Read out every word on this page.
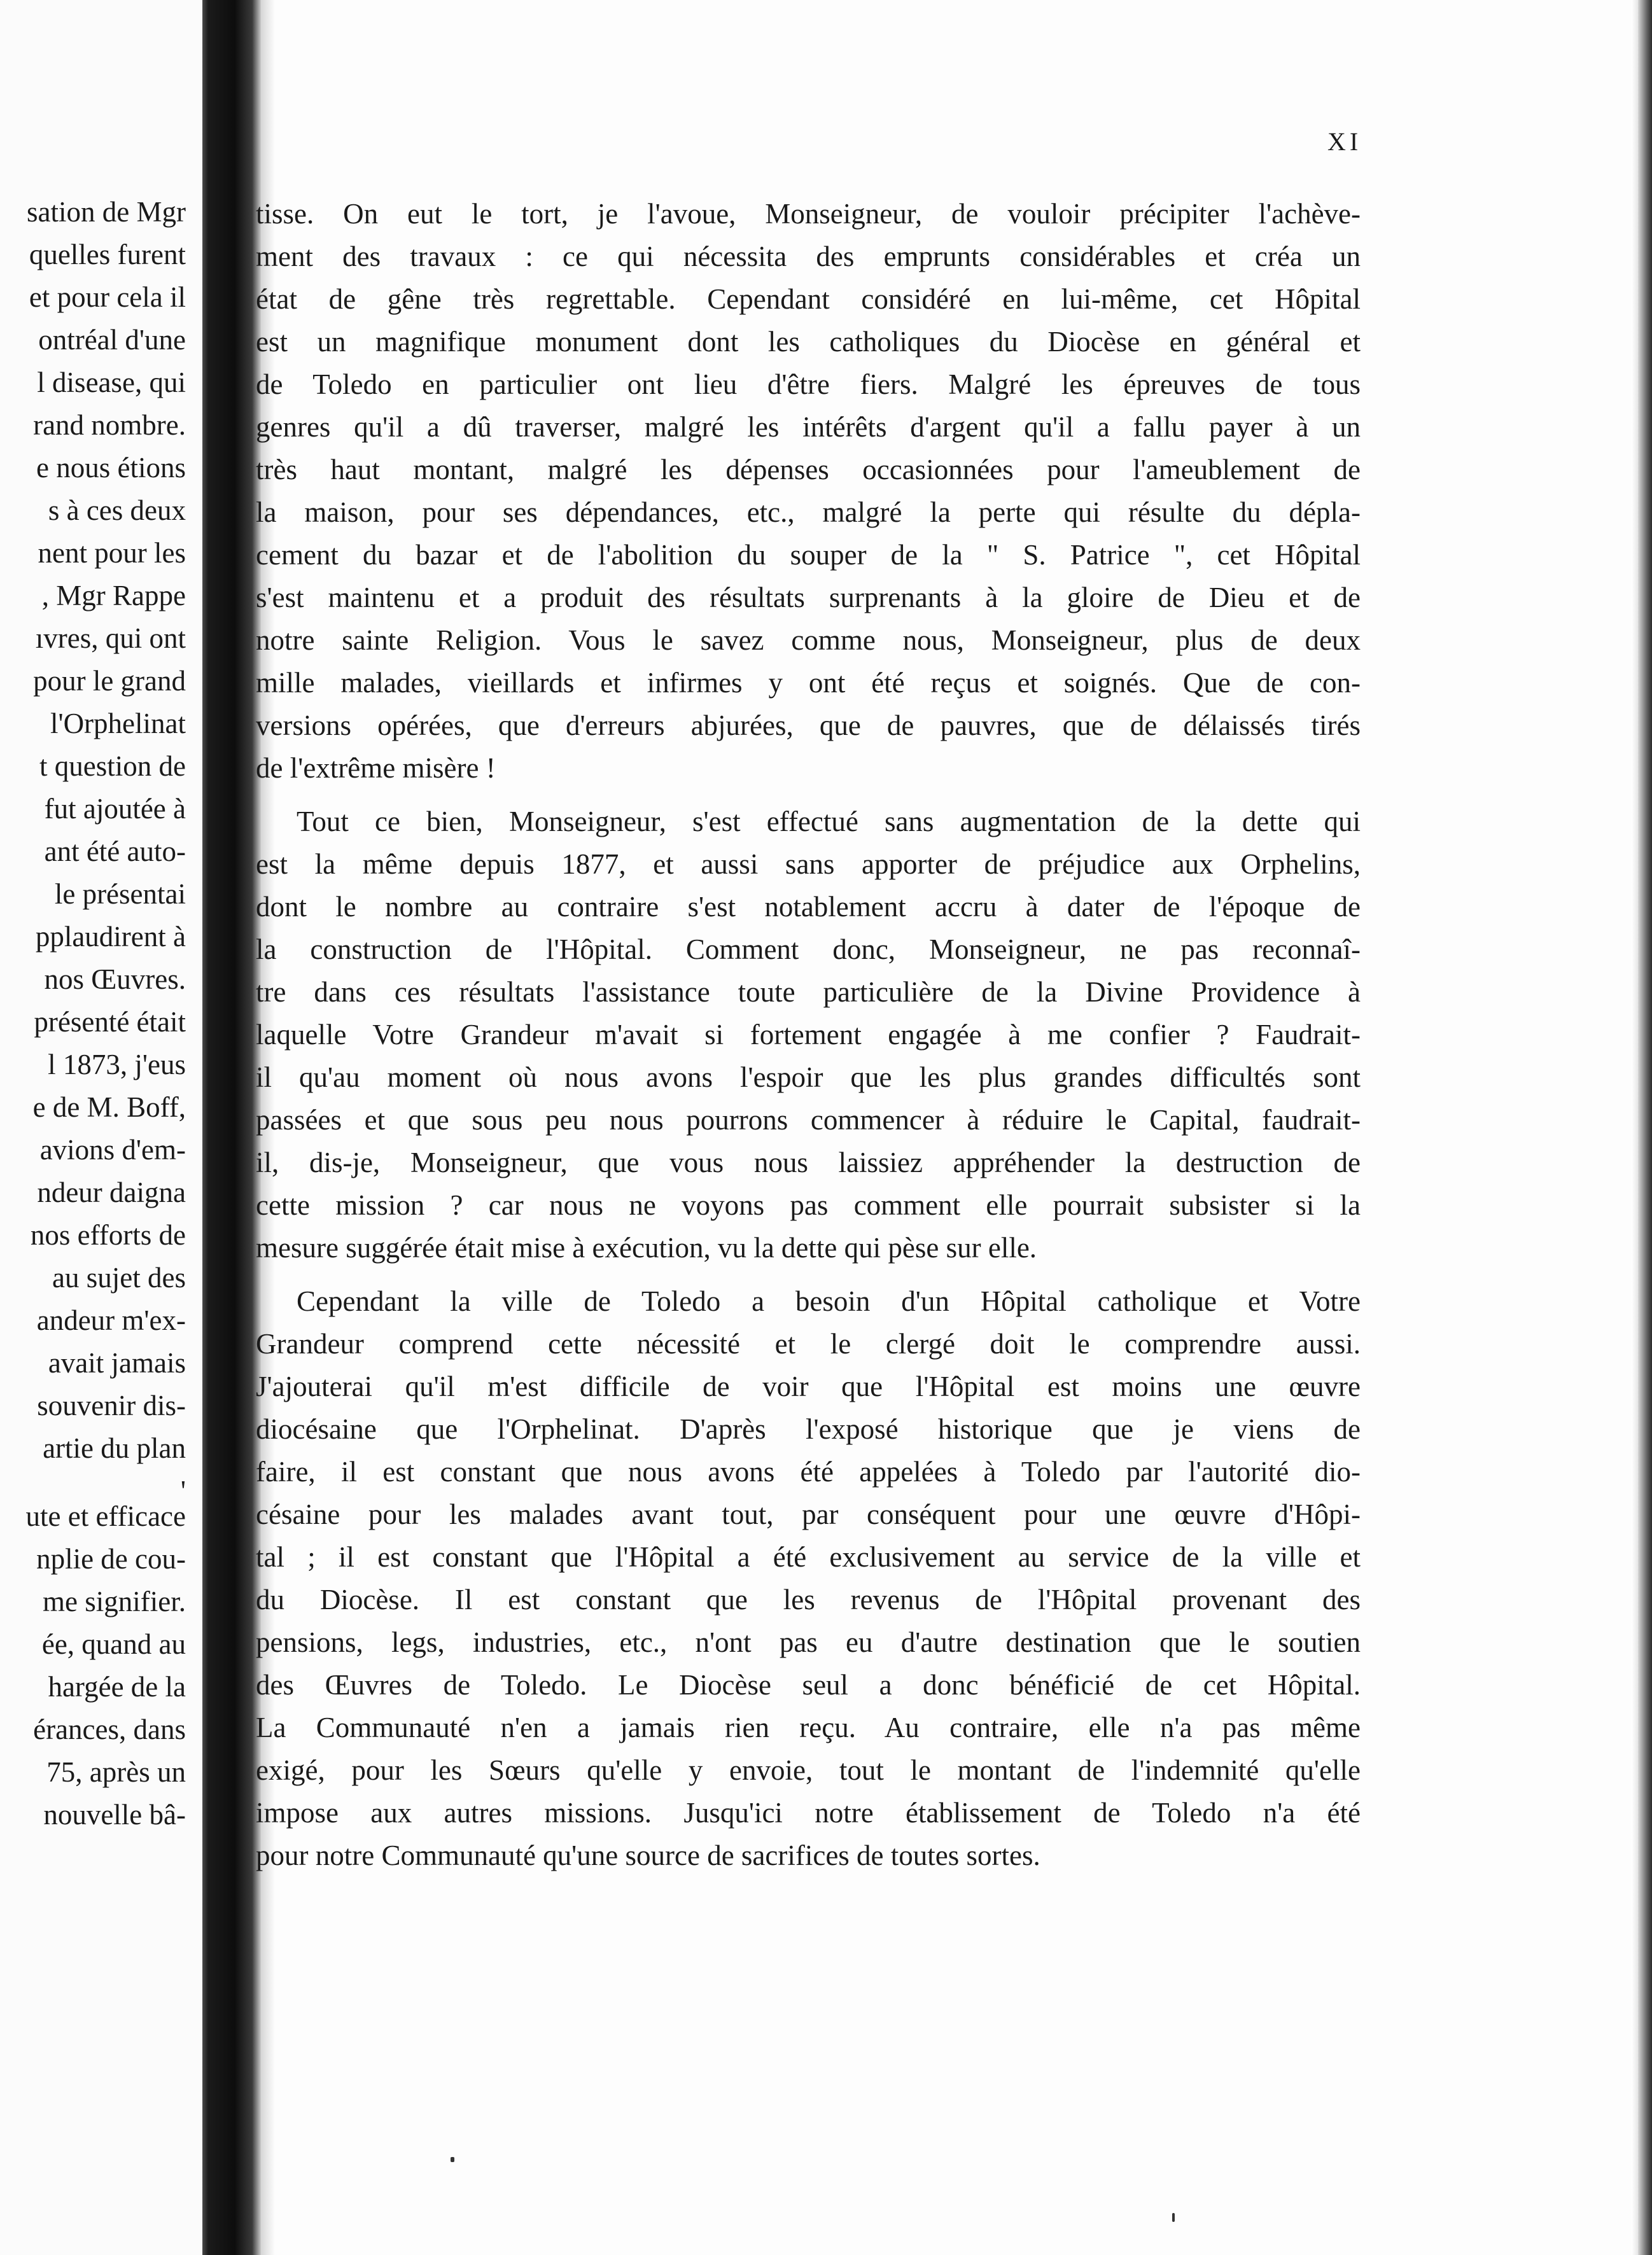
sation de Mgr
quelles furent
et pour cela il
ontréal d'une
l disease, qui
rand nombre.
e nous étions
s à ces deux
nent pour les
, Mgr Rappe
ıvres, qui ont
pour le grand
l'Orphelinat
t question de
fut ajoutée à
ant été auto-
le présentai
pplaudirent à
nos Œuvres.
présenté était
l 1873, j'eus
e de M. Boff,
avions d'em-
ndeur daigna
nos efforts de
au sujet des
andeur m'ex-
avait jamais
souvenir dis-
artie du plan
'
ute et efficace
nplie de cou-
me signifier.
ée, quand au
hargée de la
érances, dans
75, après un
nouvelle bâ-
XI
tisse. On eut le tort, je l'avoue, Monseigneur, de vouloir précipiter l'achève-
ment des travaux : ce qui nécessita des emprunts considérables et créa un
état de gêne très regrettable. Cependant considéré en lui-même, cet Hôpital
est un magnifique monument dont les catholiques du Diocèse en général et
de Toledo en particulier ont lieu d'être fiers. Malgré les épreuves de tous
genres qu'il a dû traverser, malgré les intérêts d'argent qu'il a fallu payer à un
très haut montant, malgré les dépenses occasionnées pour l'ameublement de
la maison, pour ses dépendances, etc., malgré la perte qui résulte du dépla-
cement du bazar et de l'abolition du souper de la " S. Patrice ", cet Hôpital
s'est maintenu et a produit des résultats surprenants à la gloire de Dieu et de
notre sainte Religion. Vous le savez comme nous, Monseigneur, plus de deux
mille malades, vieillards et infirmes y ont été reçus et soignés. Que de con-
versions opérées, que d'erreurs abjurées, que de pauvres, que de délaissés tirés
de l'extrême misère !
Tout ce bien, Monseigneur, s'est effectué sans augmentation de la dette qui
est la même depuis 1877, et aussi sans apporter de préjudice aux Orphelins,
dont le nombre au contraire s'est notablement accru à dater de l'époque de
la construction de l'Hôpital. Comment donc, Monseigneur, ne pas reconnaî-
tre dans ces résultats l'assistance toute particulière de la Divine Providence à
laquelle Votre Grandeur m'avait si fortement engagée à me confier ? Faudrait-
il qu'au moment où nous avons l'espoir que les plus grandes difficultés sont
passées et que sous peu nous pourrons commencer à réduire le Capital, faudrait-
il, dis-je, Monseigneur, que vous nous laissiez appréhender la destruction de
cette mission ? car nous ne voyons pas comment elle pourrait subsister si la
mesure suggérée était mise à exécution, vu la dette qui pèse sur elle.
Cependant la ville de Toledo a besoin d'un Hôpital catholique et Votre
Grandeur comprend cette nécessité et le clergé doit le comprendre aussi.
J'ajouterai qu'il m'est difficile de voir que l'Hôpital est moins une œuvre
diocésaine que l'Orphelinat. D'après l'exposé historique que je viens de
faire, il est constant que nous avons été appelées à Toledo par l'autorité dio-
césaine pour les malades avant tout, par conséquent pour une œuvre d'Hôpi-
tal ; il est constant que l'Hôpital a été exclusivement au service de la ville et
du Diocèse. Il est constant que les revenus de l'Hôpital provenant des
pensions, legs, industries, etc., n'ont pas eu d'autre destination que le soutien
des Œuvres de Toledo. Le Diocèse seul a donc bénéficié de cet Hôpital.
La Communauté n'en a jamais rien reçu. Au contraire, elle n'a pas même
exigé, pour les Sœurs qu'elle y envoie, tout le montant de l'indemnité qu'elle
impose aux autres missions. Jusqu'ici notre établissement de Toledo n'a été
pour notre Communauté qu'une source de sacrifices de toutes sortes.
